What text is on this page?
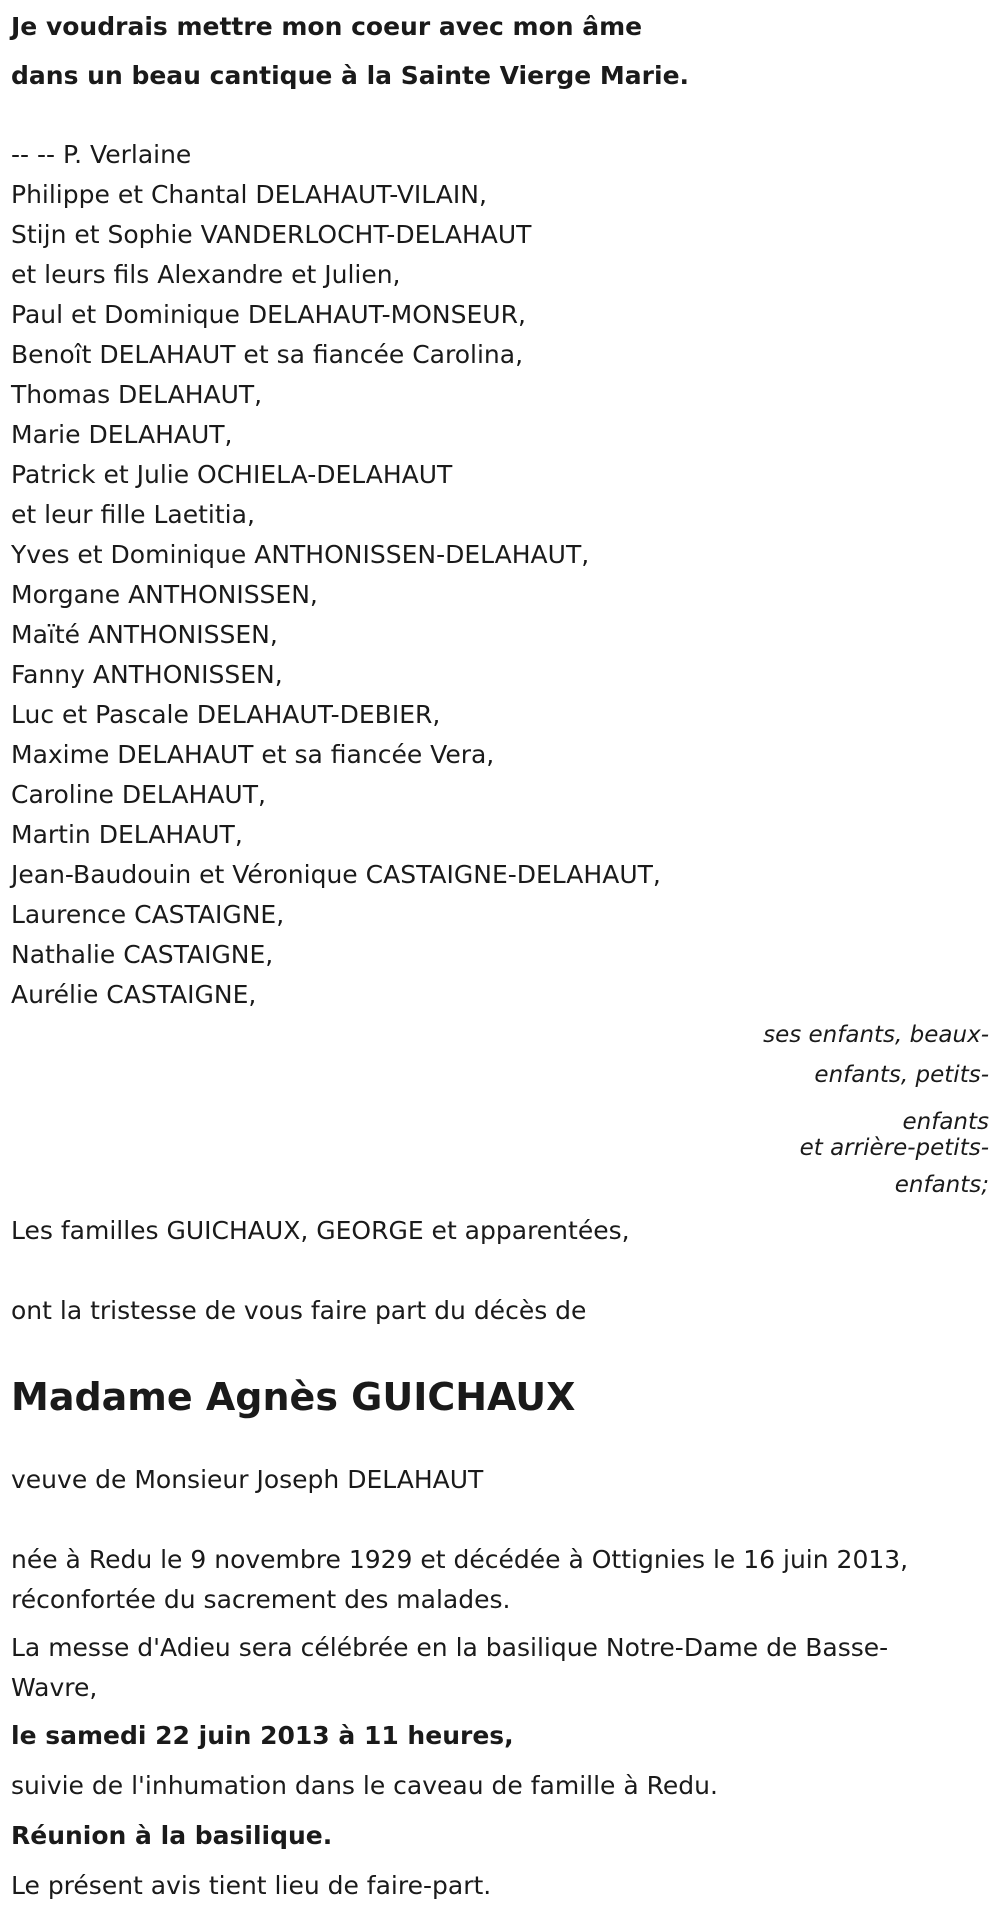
Je voudrais mettre mon coeur avec mon âme
dans un beau cantique à la Sainte Vierge Marie.
-- -- P. Verlaine
Philippe et Chantal DELAHAUT-VILAIN,
Stijn et Sophie VANDERLOCHT-DELAHAUT
et leurs fils Alexandre et Julien,
Paul et Dominique DELAHAUT-MONSEUR,
Benoît DELAHAUT et sa fiancée Carolina,
Thomas DELAHAUT,
Marie DELAHAUT,
Patrick et Julie OCHIELA-DELAHAUT
et leur fille Laetitia,
Yves et Dominique ANTHONISSEN-DELAHAUT,
Morgane ANTHONISSEN,
Maïté ANTHONISSEN,
Fanny ANTHONISSEN,
Luc et Pascale DELAHAUT-DEBIER,
Maxime DELAHAUT et sa fiancée Vera,
Caroline DELAHAUT,
Martin DELAHAUT,
Jean-Baudouin et Véronique CASTAIGNE-DELAHAUT,
Laurence CASTAIGNE,
Nathalie CASTAIGNE,
Aurélie CASTAIGNE,
ses enfants, beaux-
enfants, petits-
enfants
et arrière-petits-
enfants;
Les familles GUICHAUX, GEORGE et apparentées,
ont la tristesse de vous faire part du décès de
Madame Agnès GUICHAUX
veuve de Monsieur Joseph DELAHAUT
née à Redu le 9 novembre 1929 et décédée à Ottignies le 16 juin 2013,
réconfortée du sacrement des malades.
La messe d'Adieu sera célébrée en la basilique Notre-Dame de Basse-
Wavre,
le samedi 22 juin 2013 à 11 heures,
suivie de l'inhumation dans le caveau de famille à Redu.
Réunion à la basilique.
Le présent avis tient lieu de faire-part.
